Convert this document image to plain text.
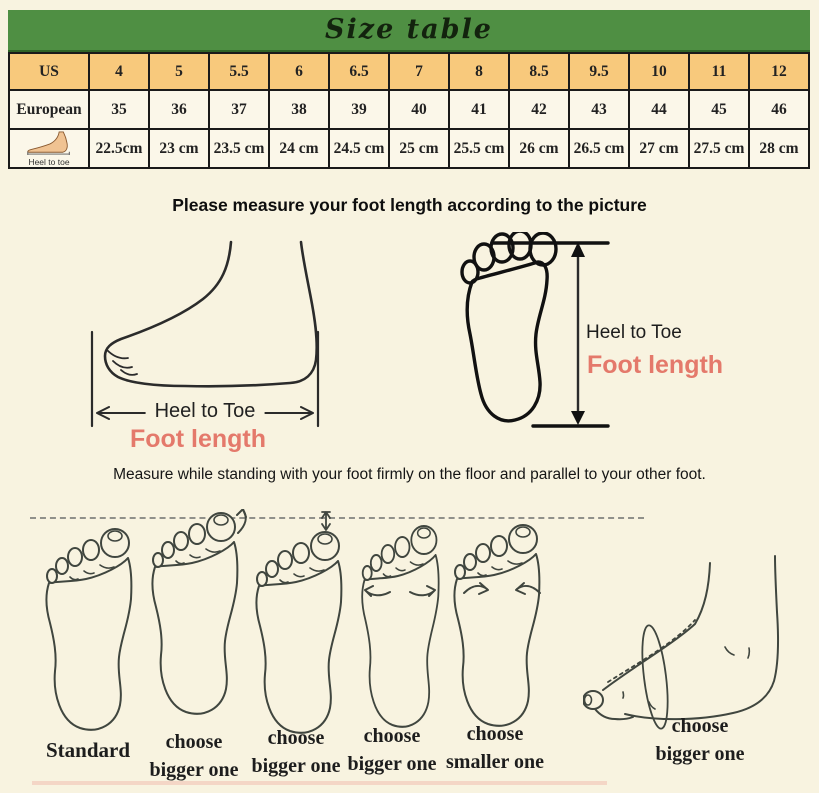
Size table
US	4	5	5.5	6	6.5	7	8	8.5	9.5	10	11	12
European	35	36	37	38	39	40	41	42	43	44	45	46

Heel to toe	22.5cm	23 cm	23.5 cm	24 cm	24.5 cm	25 cm	25.5 cm	26 cm	26.5 cm	27 cm	27.5 cm	28 cm
Please measure your foot length according to the picture
Heel to Toe
Foot length
Heel to Toe
Foot length
Measure while standing with your foot firmly on the floor and parallel to your other foot.
Standard	choose
bigger one
choose
bigger one
choose
bigger one
choose
smaller one
choose
bigger one
